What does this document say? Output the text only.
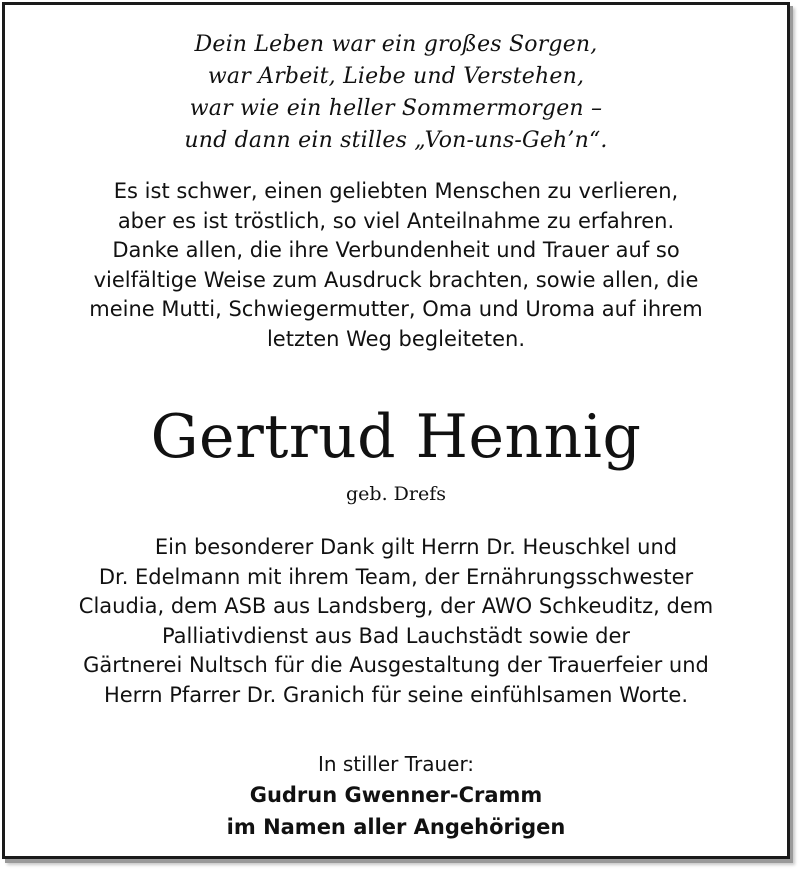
Dein Leben war ein großes Sorgen,
war Arbeit, Liebe und Verstehen,
war wie ein heller Sommermorgen –
und dann ein stilles „Von-uns-Geh’n“.
Es ist schwer, einen geliebten Menschen zu verlieren,
aber es ist tröstlich, so viel Anteilnahme zu erfahren.
Danke allen, die ihre Verbundenheit und Trauer auf so
vielfältige Weise zum Ausdruck brachten, sowie allen, die
meine Mutti, Schwiegermutter, Oma und Uroma auf ihrem
letzten Weg begleiteten.
Gertrud Hennig
geb. Drefs
Ein besonderer Dank gilt Herrn Dr. Heuschkel und
Dr. Edelmann mit ihrem Team, der Ernährungsschwester
Claudia, dem ASB aus Landsberg, der AWO Schkeuditz, dem
Palliativdienst aus Bad Lauchstädt sowie der
Gärtnerei Nultsch für die Ausgestaltung der Trauerfeier und
Herrn Pfarrer Dr. Granich für seine einfühlsamen Worte.
In stiller Trauer:
Gudrun Gwenner-Cramm
im Namen aller Angehörigen
